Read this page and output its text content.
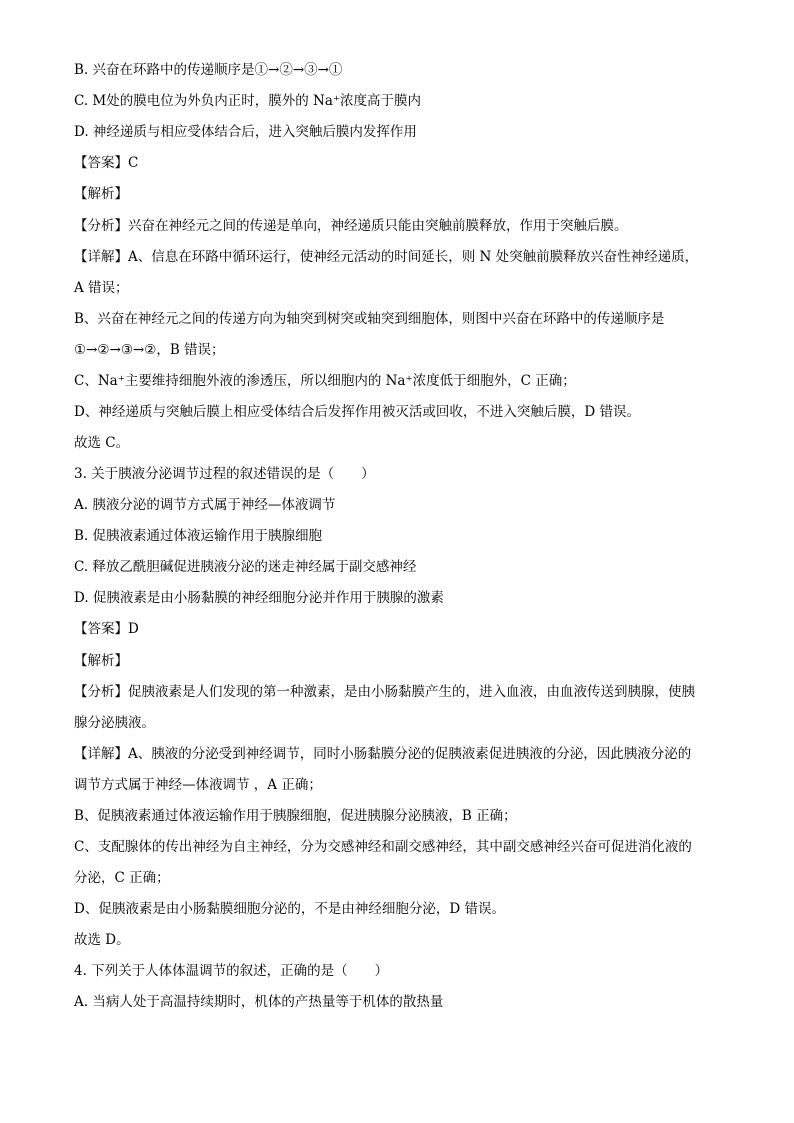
B. 兴奋在环路中的传递顺序是①→②→③→①
C. M处的膜电位为外负内正时，膜外的 Na⁺浓度高于膜内
D. 神经递质与相应受体结合后，进入突触后膜内发挥作用
【答案】C
【解析】
【分析】兴奋在神经元之间的传递是单向，神经递质只能由突触前膜释放，作用于突触后膜。
【详解】A、信息在环路中循环运行，使神经元活动的时间延长，则 N 处突触前膜释放兴奋性神经递质，
A 错误；
B、兴奋在神经元之间的传递方向为轴突到树突或轴突到细胞体，则图中兴奋在环路中的传递顺序是
①→②→③→②，B 错误；
C、Na⁺主要维持细胞外液的渗透压，所以细胞内的 Na⁺浓度低于细胞外，C 正确；
D、神经递质与突触后膜上相应受体结合后发挥作用被灭活或回收，不进入突触后膜，D 错误。
故选 C。
3. 关于胰液分泌调节过程的叙述错误的是（　　）
A. 胰液分泌的调节方式属于神经—体液调节
B. 促胰液素通过体液运输作用于胰腺细胞
C. 释放乙酰胆碱促进胰液分泌的迷走神经属于副交感神经
D. 促胰液素是由小肠黏膜的神经细胞分泌并作用于胰腺的激素
【答案】D
【解析】
【分析】促胰液素是人们发现的第一种激素，是由小肠黏膜产生的，进入血液，由血液传送到胰腺，使胰
腺分泌胰液。
【详解】A、胰液的分泌受到神经调节，同时小肠黏膜分泌的促胰液素促进胰液的分泌，因此胰液分泌的
调节方式属于神经—体液调节 ，A 正确；
B、促胰液素通过体液运输作用于胰腺细胞，促进胰腺分泌胰液，B 正确；
C、支配腺体的传出神经为自主神经，分为交感神经和副交感神经，其中副交感神经兴奋可促进消化液的
分泌，C 正确；
D、促胰液素是由小肠黏膜细胞分泌的，不是由神经细胞分泌，D 错误。
故选 D。
4. 下列关于人体体温调节的叙述，正确的是（　　）
A. 当病人处于高温持续期时，机体的产热量等于机体的散热量
